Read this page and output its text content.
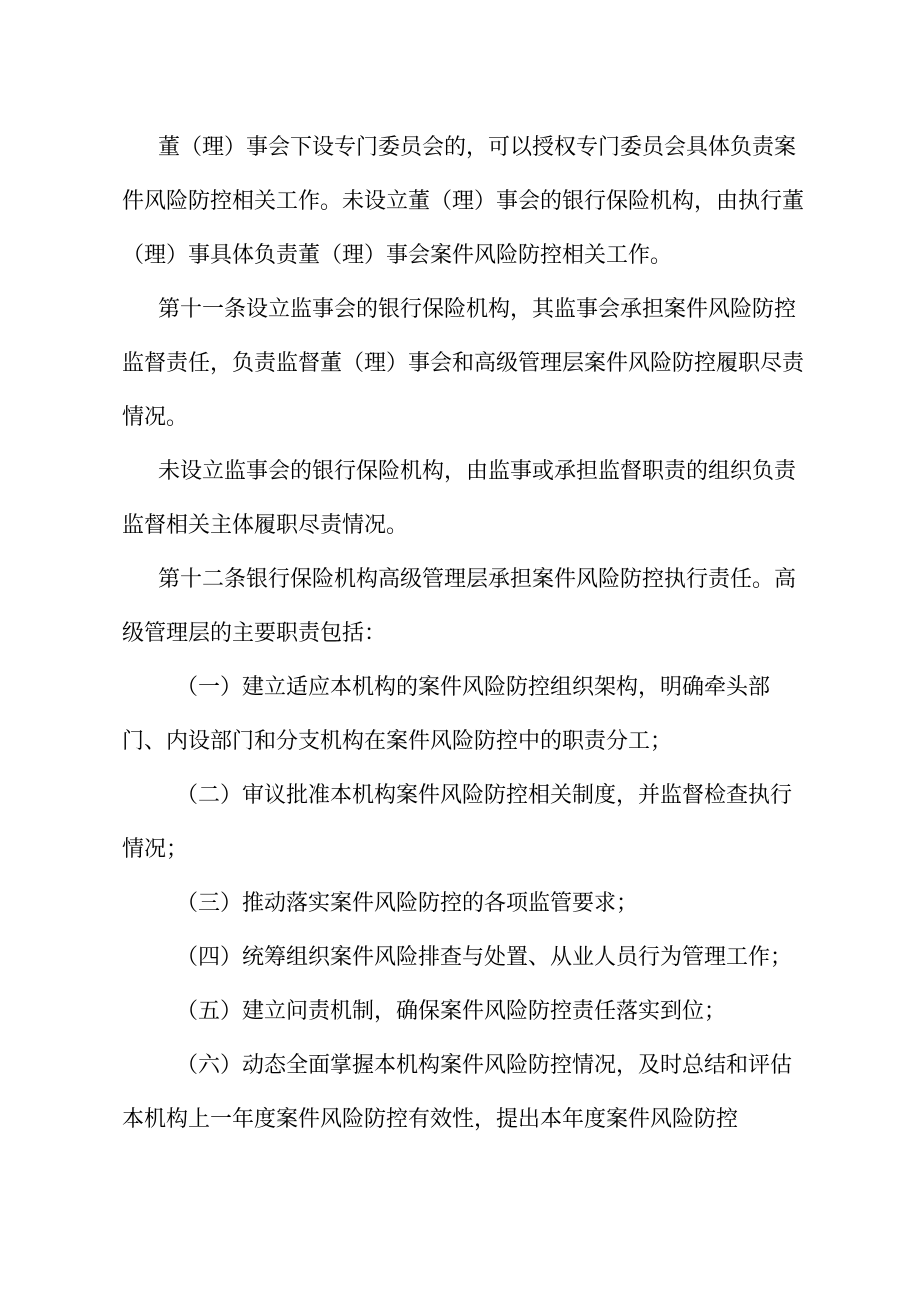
董（理）事会下设专门委员会的，可以授权专门委员会具体负责案件风险防控相关工作。未设立董（理）事会的银行保险机构，由执行董（理）事具体负责董（理）事会案件风险防控相关工作。

第十一条设立监事会的银行保险机构，其监事会承担案件风险防控监督责任，负责监督董（理）事会和高级管理层案件风险防控履职尽责情况。

未设立监事会的银行保险机构，由监事或承担监督职责的组织负责监督相关主体履职尽责情况。

第十二条银行保险机构高级管理层承担案件风险防控执行责任。高级管理层的主要职责包括：

（一）建立适应本机构的案件风险防控组织架构，明确牵头部门、内设部门和分支机构在案件风险防控中的职责分工；

（二）审议批准本机构案件风险防控相关制度，并监督检查执行情况；

（三）推动落实案件风险防控的各项监管要求；

（四）统筹组织案件风险排查与处置、从业人员行为管理工作；

（五）建立问责机制，确保案件风险防控责任落实到位；

（六）动态全面掌握本机构案件风险防控情况，及时总结和评估本机构上一年度案件风险防控有效性，提出本年度案件风险防控
